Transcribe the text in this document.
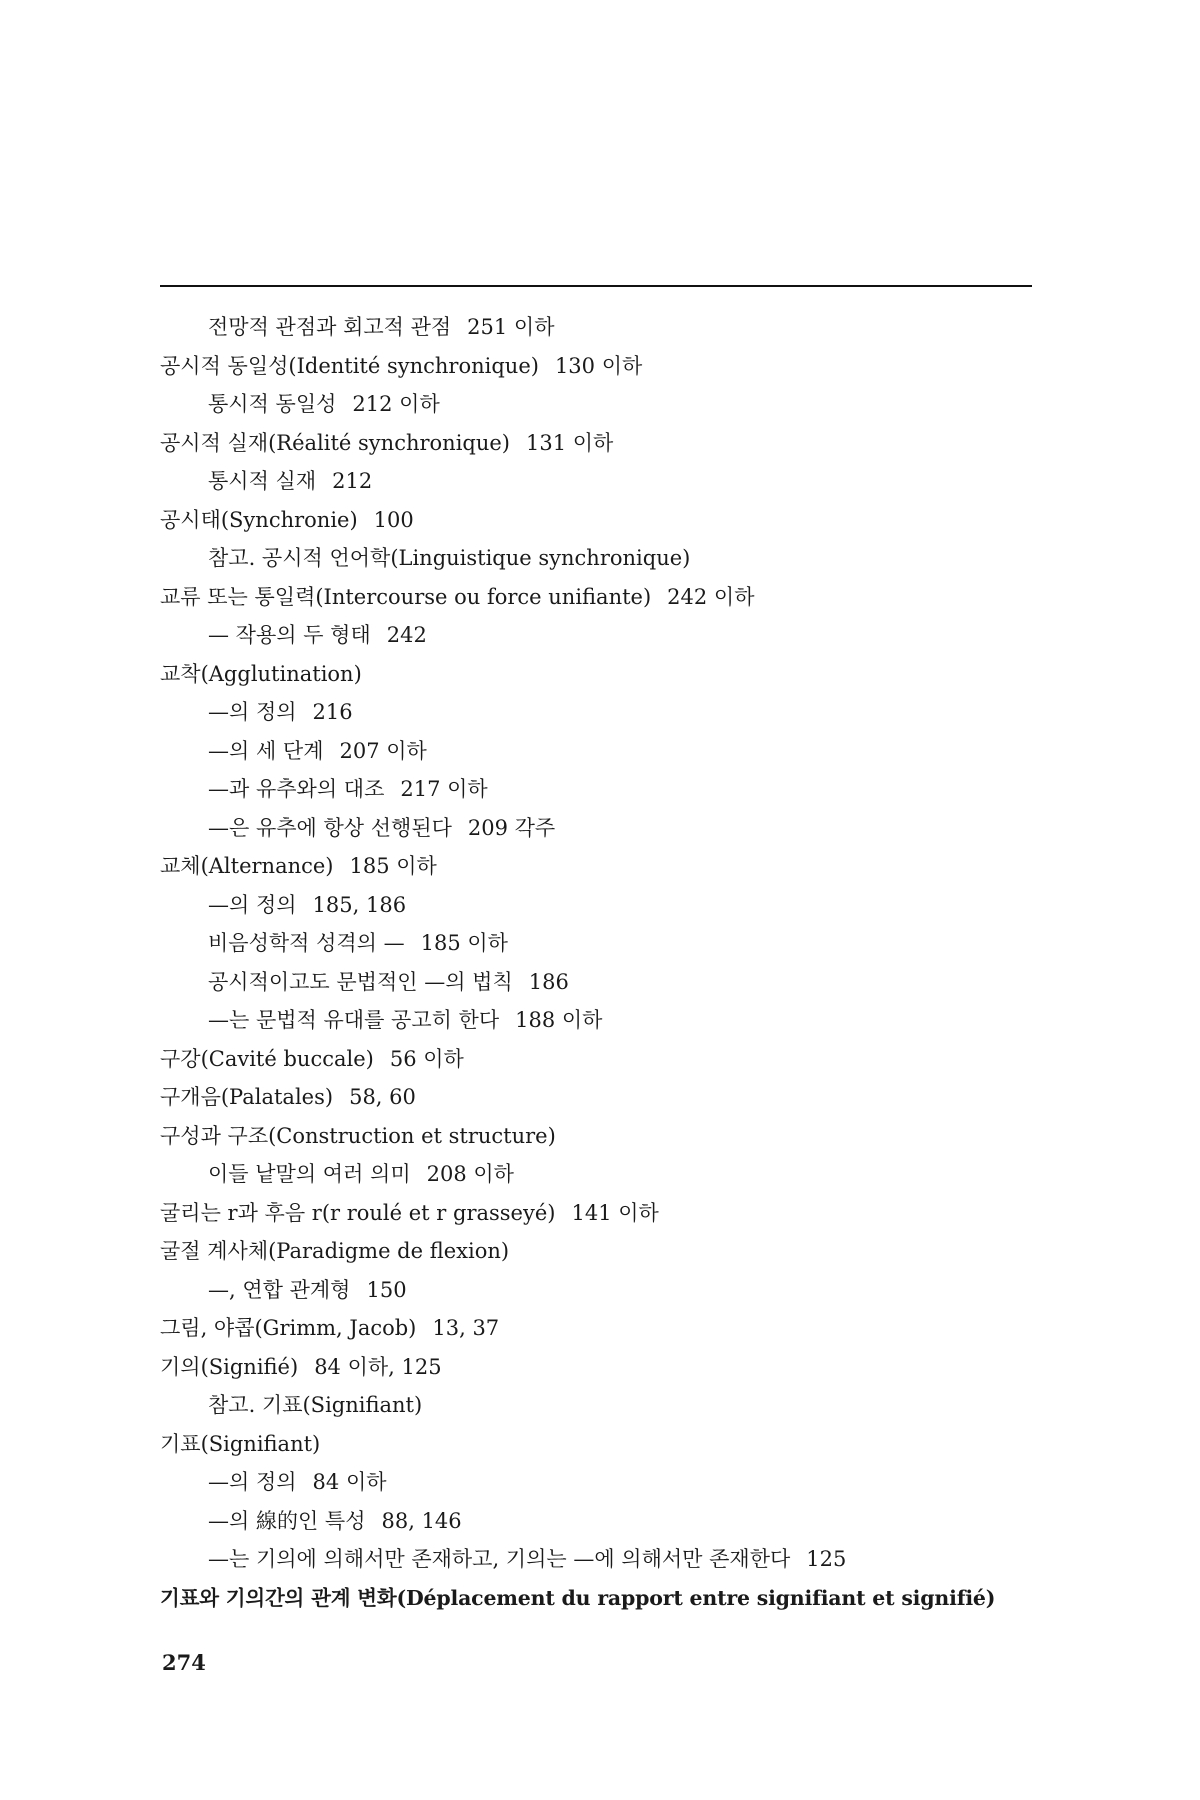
전망적 관점과 회고적 관점 251 이하
공시적 동일성(Identité synchronique) 130 이하
통시적 동일성 212 이하
공시적 실재(Réalité synchronique) 131 이하
통시적 실재 212
공시태(Synchronie) 100
참고. 공시적 언어학(Linguistique synchronique)
교류 또는 통일력(Intercourse ou force unifiante) 242 이하
— 작용의 두 형태 242
교착(Agglutination)
—의 정의 216
—의 세 단계 207 이하
—과 유추와의 대조 217 이하
—은 유추에 항상 선행된다 209 각주
교체(Alternance) 185 이하
—의 정의 185, 186
비음성학적 성격의 — 185 이하
공시적이고도 문법적인 —의 법칙 186
—는 문법적 유대를 공고히 한다 188 이하
구강(Cavité buccale) 56 이하
구개음(Palatales) 58, 60
구성과 구조(Construction et structure)
이들 낱말의 여러 의미 208 이하
굴리는 r과 후음 r(r roulé et r grasseyé) 141 이하
굴절 계사체(Paradigme de flexion)
—, 연합 관계형 150
그림, 야콥(Grimm, Jacob) 13, 37
기의(Signifié) 84 이하, 125
참고. 기표(Signifiant)
기표(Signifiant)
—의 정의 84 이하
—의 線的인 특성 88, 146
—는 기의에 의해서만 존재하고, 기의는 —에 의해서만 존재한다 125
기표와 기의간의 관계 변화(Déplacement du rapport entre signifiant et signifié)
274
